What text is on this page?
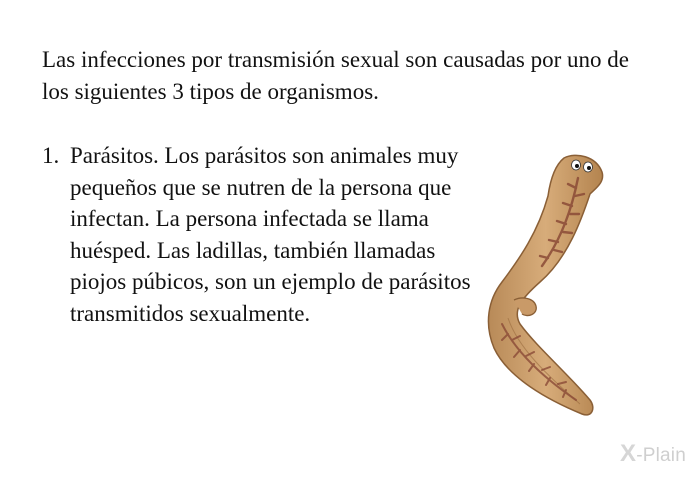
Las infecciones por transmisión sexual son causadas por uno de los siguientes 3 tipos de organismos.

1. Parásitos. Los parásitos son animales muy pequeños que se nutren de la persona que infectan. La persona infectada se llama huésped. Las ladillas, también llamadas piojos púbicos, son un ejemplo de parásitos transmitidos sexualmente.
X-Plain
